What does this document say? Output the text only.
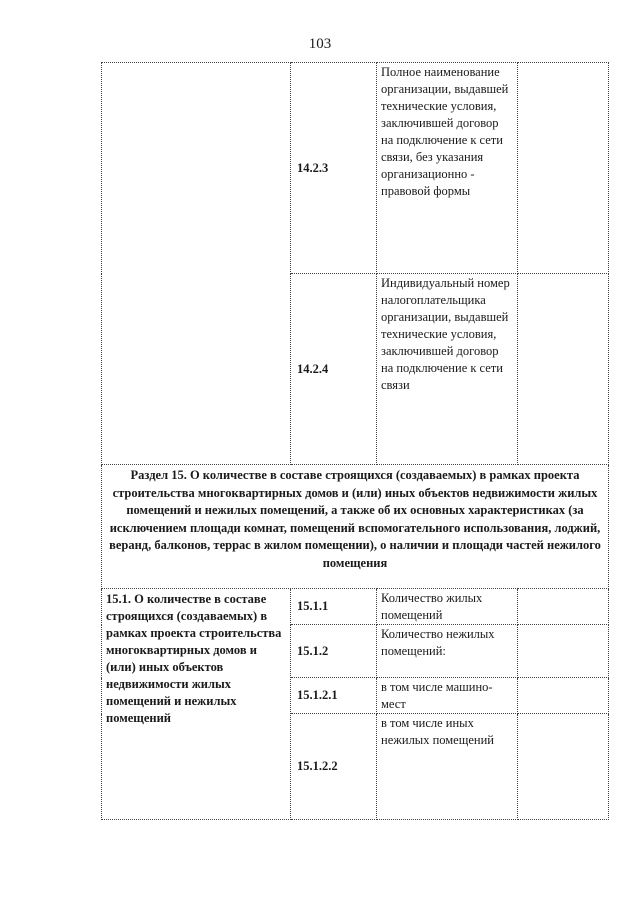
103
	14.2.3	Полное наименование организации, выдавшей технические условия, заключившей договор на подключение к сети связи, без указания организационно - правовой формы	
	14.2.4	Индивидуальный номер налогоплательщика организации, выдавшей технические условия, заключившей договор на подключение к сети связи	
Раздел 15. О количестве в составе строящихся (создаваемых) в рамках проекта строительства многоквартирных домов и (или) иных объектов недвижимости жилых помещений и нежилых помещений, а также об их основных характеристиках (за исключением площади комнат, помещений вспомогательного использования, лоджий, веранд, балконов, террас в жилом помещении), о наличии и площади частей нежилого помещения			
15.1. О количестве в составе строящихся (создаваемых) в рамках проекта строительства многоквартирных домов и (или) иных объектов недвижимости жилых помещений и нежилых помещений	15.1.1	Количество жилых помещений	
	15.1.2	Количество нежилых помещений:	
	15.1.2.1	в том числе машино-мест	
	15.1.2.2	в том числе иных нежилых помещений	
